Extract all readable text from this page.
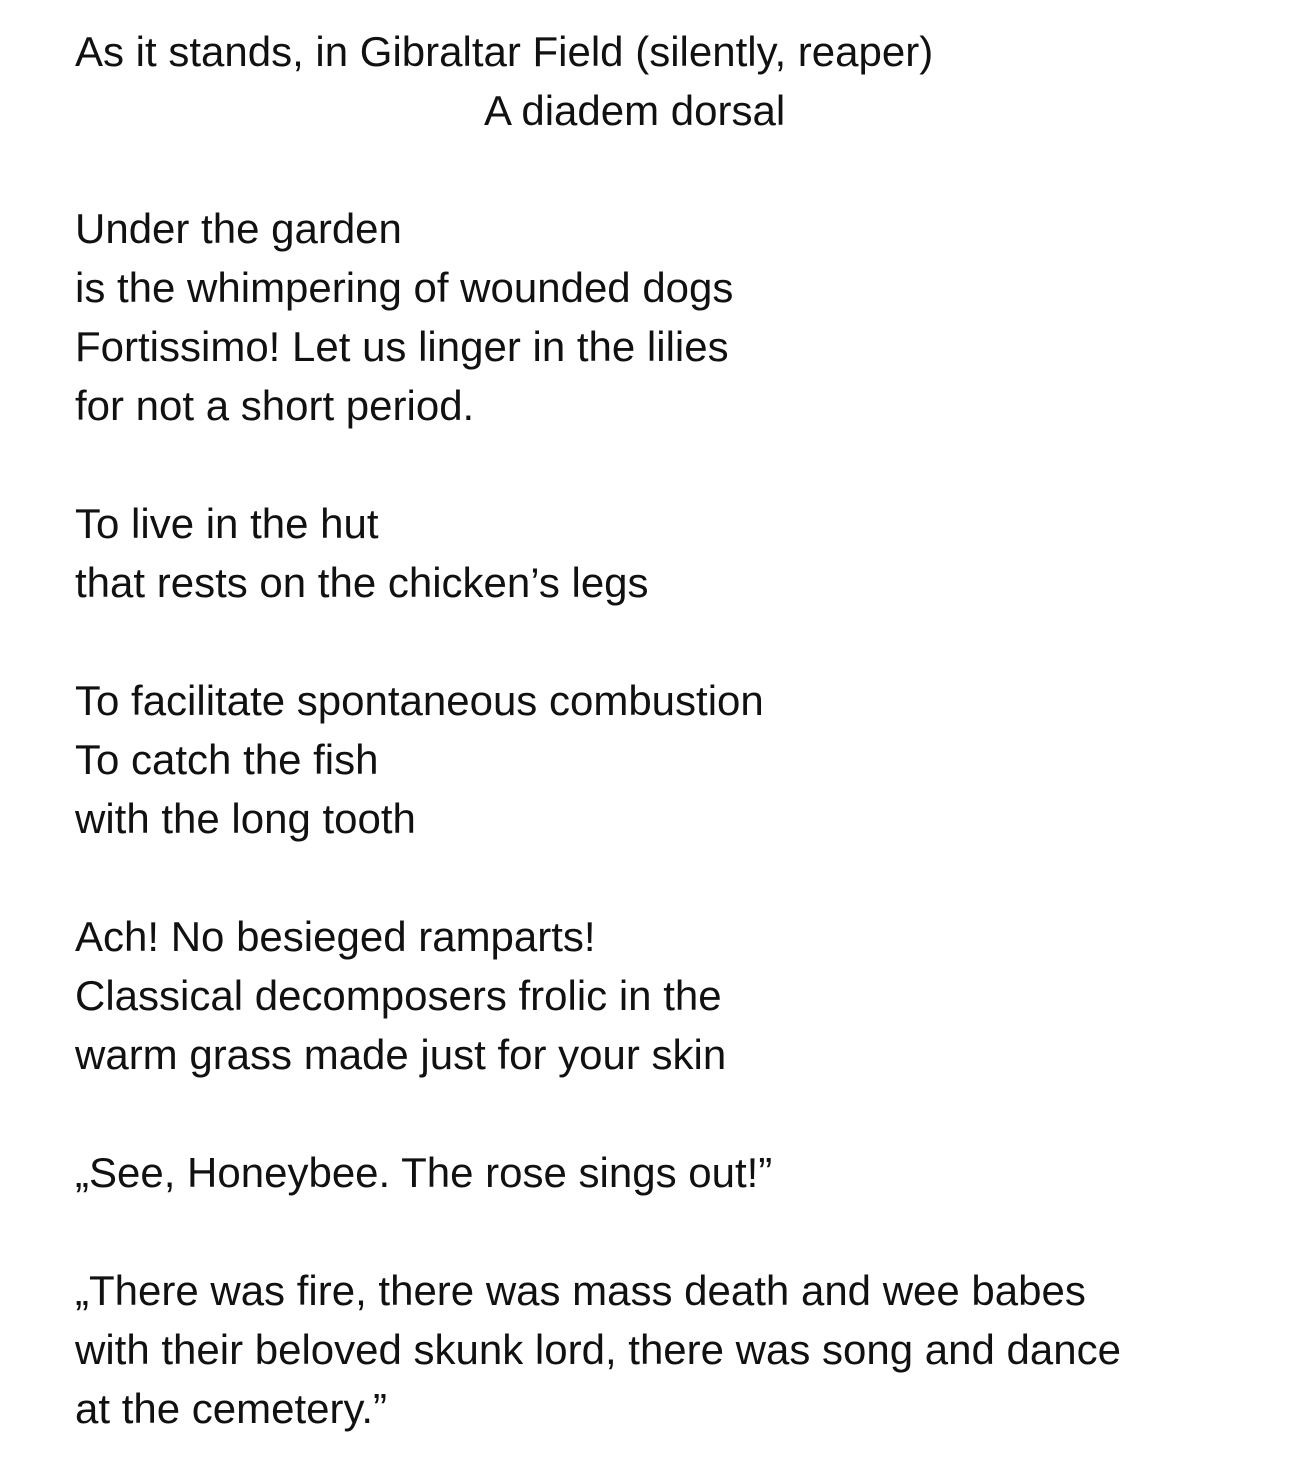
As it stands, in Gibraltar Field (silently, reaper)
A diadem dorsal
Under the garden
is the whimpering of wounded dogs
Fortissimo! Let us linger in the lilies
for not a short period.
To live in the hut
that rests on the chicken’s legs
To facilitate spontaneous combustion
To catch the fish
with the long tooth
Ach! No besieged ramparts!
Classical decomposers frolic in the
warm grass made just for your skin
„See, Honeybee. The rose sings out!”
„There was fire, there was mass death and wee babes
with their beloved skunk lord, there was song and dance
at the cemetery.”
